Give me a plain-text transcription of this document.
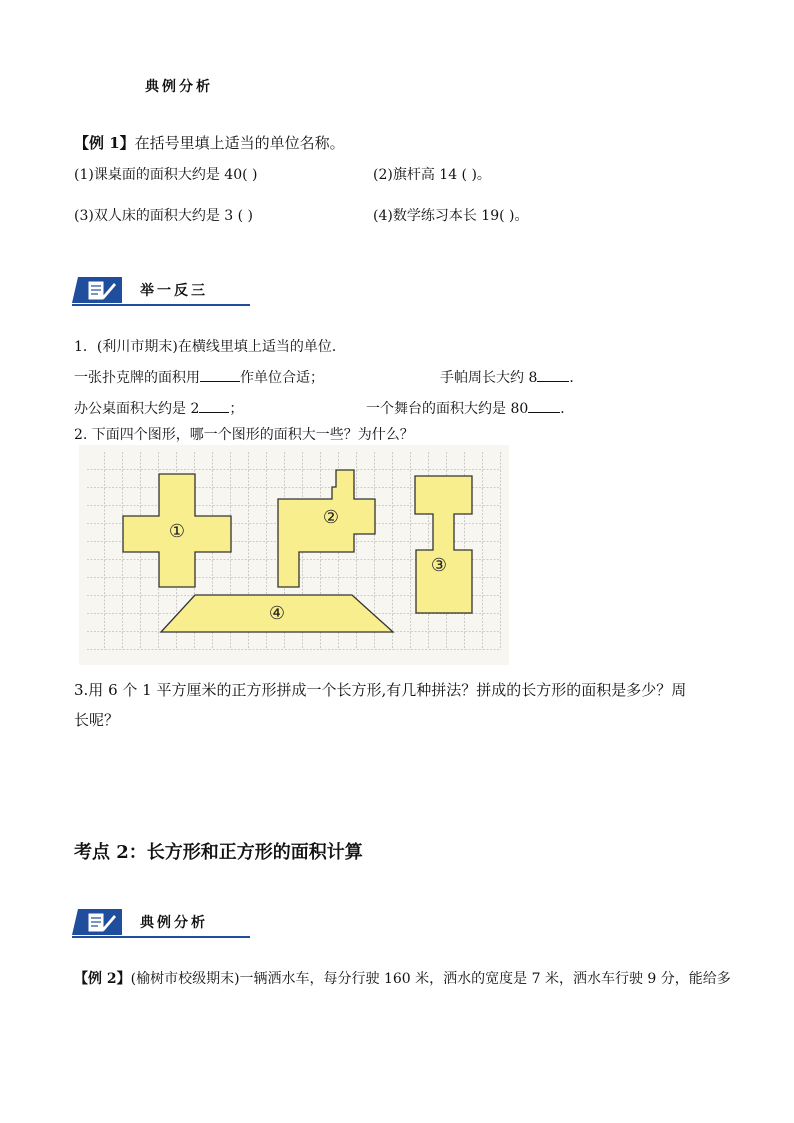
典例分析
【例 1】在括号里填上适当的单位名称。
(1)课桌面的面积大约是 40( )	(2)旗杆高 14 ( )。
(3)双人床的面积大约是 3 ( )	(4)数学练习本长 19( )。
举一反三
1．(利川市期末)在横线里填上适当的单位．
一张扑克牌的面积用	作单位合适；	手帕周长大约 8 ．
办公桌面积大约是 2 ；	一个舞台的面积大约是 80 ．
2. 下面四个图形，哪一个图形的面积大一些？为什么？
①
②
③
④
3.用 6 个 1 平方厘米的正方形拼成一个长方形,有几种拼法？拼成的长方形的面积是多少？周
长呢？
考点 2：长方形和正方形的面积计算
典例分析
【例 2】(榆树市校级期末)一辆洒水车，每分行驶 160 米，洒水的宽度是 7 米，洒水车行驶 9 分，能给多
